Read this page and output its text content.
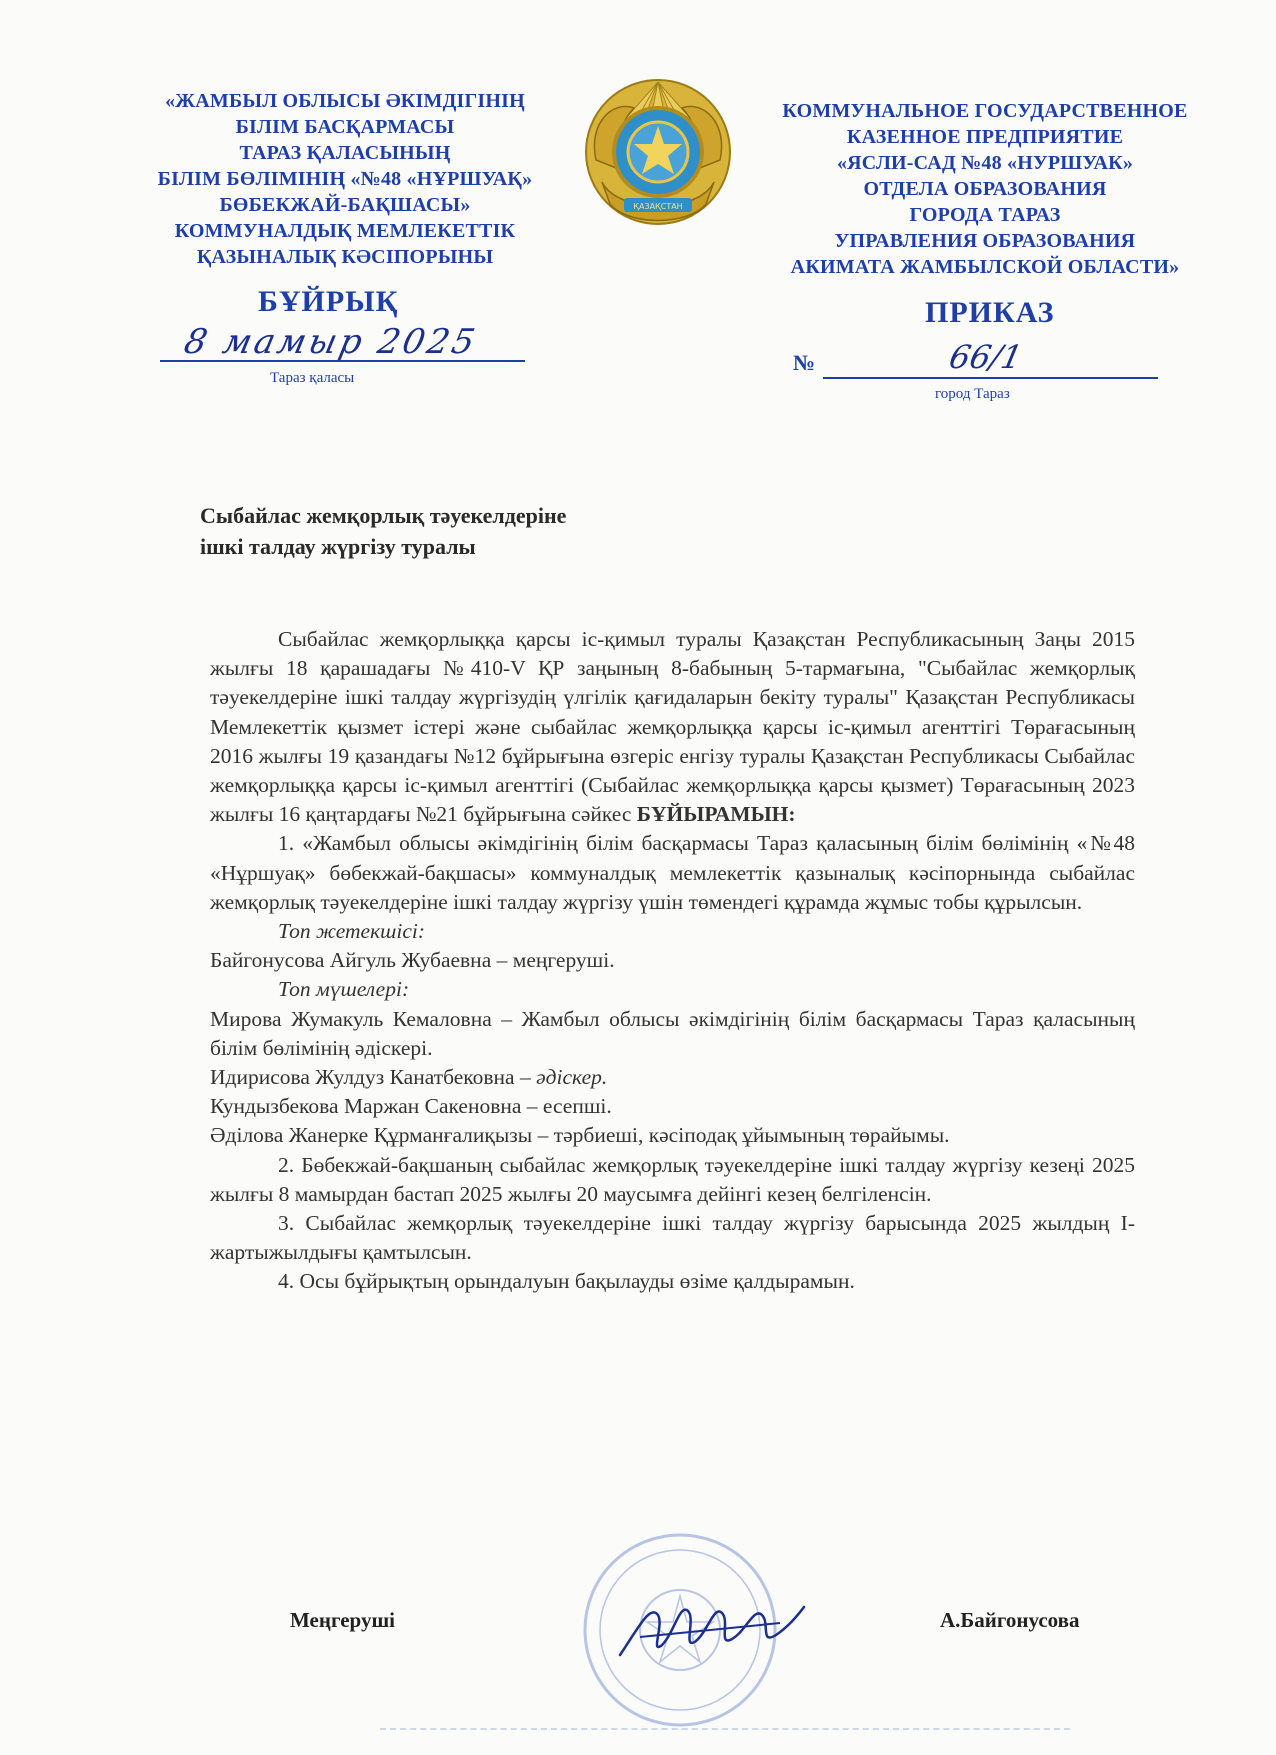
«ЖАМБЫЛ ОБЛЫСЫ ӘКІМДІГІНІҢ
БІЛІМ БАСҚАРМАСЫ
ТАРАЗ ҚАЛАСЫНЫҢ
БІЛІМ БӨЛІМІНІҢ «№48 «НҰРШУАҚ»
БӨБЕКЖАЙ-БАҚШАСЫ»
КОММУНАЛДЫҚ МЕМЛЕКЕТТІК
ҚАЗЫНАЛЫҚ КӘСІПОРЫНЫ
ҚАЗАҚСТАН
КОММУНАЛЬНОЕ ГОСУДАРСТВЕННОЕ
КАЗЕННОЕ ПРЕДПРИЯТИЕ
«ЯСЛИ-САД №48 «НУРШУАК»
ОТДЕЛА ОБРАЗОВАНИЯ
ГОРОДА ТАРАЗ
УПРАВЛЕНИЯ ОБРАЗОВАНИЯ
АКИМАТА ЖАМБЫЛСКОЙ ОБЛАСТИ»
БҰЙРЫҚ	ПРИКАЗ
8 мамыр 2025
Тараз қаласы
№	66/1
город Тараз
Сыбайлас жемқорлық тәуекелдеріне
ішкі талдау жүргізу туралы

Сыбайлас жемқорлыққа қарсы іс-қимыл туралы Қазақстан Республикасының Заңы 2015 жылғы 18 қарашадағы №410-V ҚР заңының 8-бабының 5-тармағына, "Сыбайлас жемқорлық тәуекелдеріне ішкі талдау жүргізудің үлгілік қағидаларын бекіту туралы" Қазақстан Республикасы Мемлекеттік қызмет істері және сыбайлас жемқорлыққа қарсы іс-қимыл агенттігі Төрағасының 2016 жылғы 19 қазандағы №12 бұйрығына өзгеріс енгізу туралы Қазақстан Республикасы Сыбайлас жемқорлыққа қарсы іс-қимыл агенттігі (Сыбайлас жемқорлыққа қарсы қызмет) Төрағасының 2023 жылғы 16 қаңтардағы №21 бұйрығына сәйкес БҰЙЫРАМЫН:

1. «Жамбыл облысы әкімдігінің білім басқармасы Тараз қаласының білім бөлімінің «№48 «Нұршуақ» бөбекжай-бақшасы» коммуналдық мемлекеттік қазыналық кәсіпорнында сыбайлас жемқорлық тәуекелдеріне ішкі талдау жүргізу үшін төмендегі құрамда жұмыс тобы құрылсын.

Топ жетекшісі:

Байгонусова Айгуль Жубаевна – меңгеруші.

Топ мүшелері:

Мирова Жумакуль Кемаловна – Жамбыл облысы әкімдігінің білім басқармасы Тараз қаласының білім бөлімінің әдіскері.

Идирисова Жулдуз Канатбековна – әдіскер.

Кундызбекова Маржан Сакеновна – есепші.

Әділова Жанерке Құрманғалиқызы – тәрбиеші, кәсіподақ ұйымының төрайымы.

2. Бөбекжай-бақшаның сыбайлас жемқорлық тәуекелдеріне ішкі талдау жүргізу кезеңі 2025 жылғы 8 мамырдан бастап 2025 жылғы 20 маусымға дейінгі кезең белгіленсін.

3. Сыбайлас жемқорлық тәуекелдеріне ішкі талдау жүргізу барысында 2025 жылдың І-жартыжылдығы қамтылсын.

4. Осы бұйрықтың орындалуын бақылауды өзіме қалдырамын.

Меңгеруші	А.Байгонусова
